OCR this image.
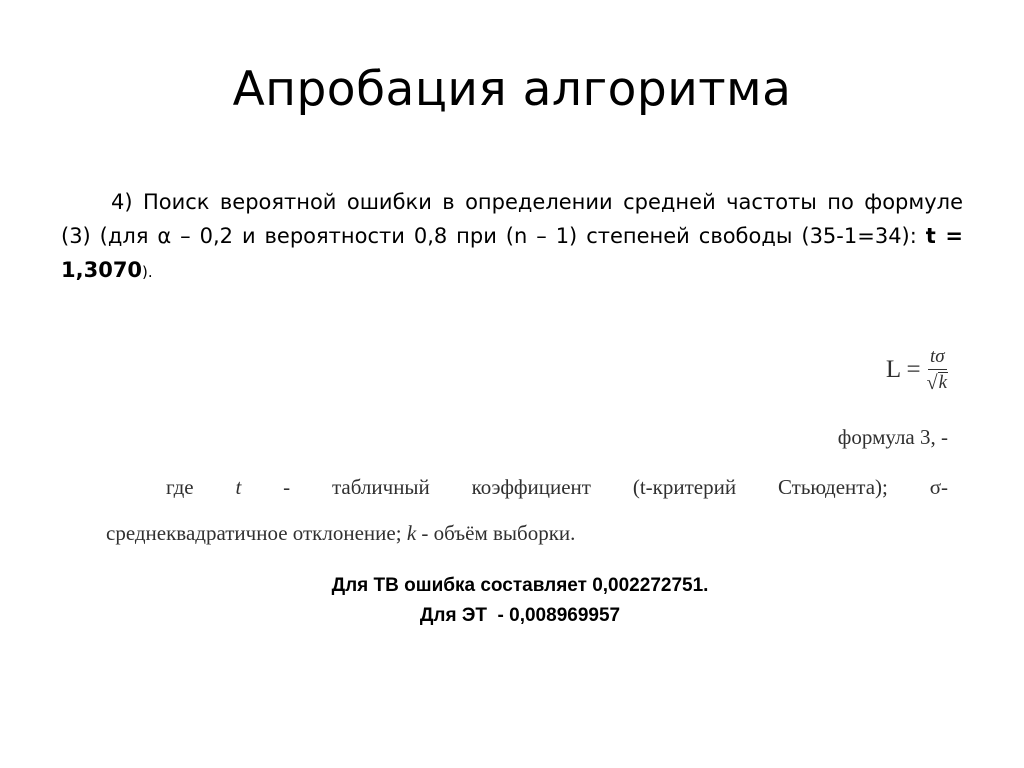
Апробация алгоритма
4) Поиск вероятной ошибки в определении средней частоты по формуле (3) (для α – 0,2 и вероятности 0,8 при (n – 1) степеней свободы (35-1=34): t = 1,3070).
$L = \frac{t\sigma}{√ k}$
формула 3, -
где t - табличный коэффициент (t-критерий Стьюдента); σ-
среднеквадратичное отклонение; k - объём выборки.
Для ТВ ошибка составляет 0,002272751.
Для ЭТ  - 0,008969957
